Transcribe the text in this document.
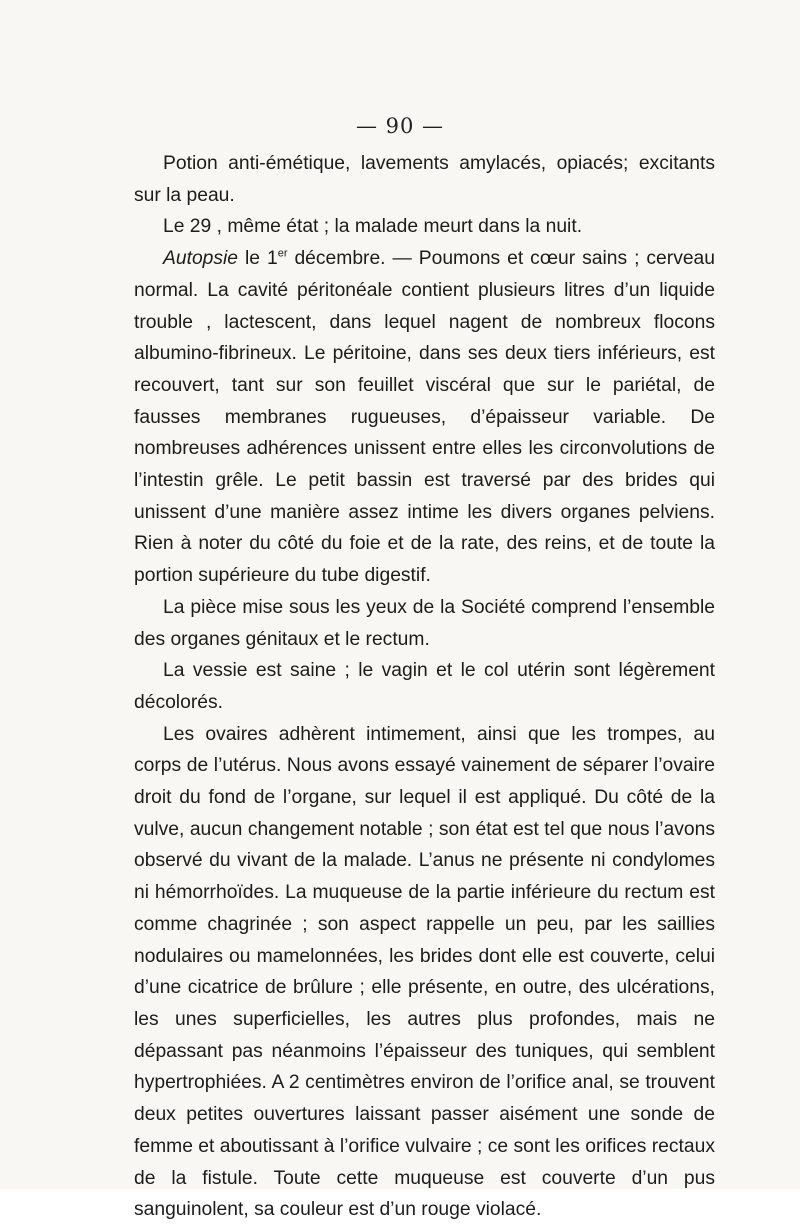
— 90 —

Potion anti-émétique, lavements amylacés, opiacés; excitants sur la peau.

Le 29 , même état ; la malade meurt dans la nuit.

Autopsie le 1er décembre. — Poumons et cœur sains ; cerveau normal. La cavité péritonéale contient plusieurs litres d’un liquide trouble , lactescent, dans lequel nagent de nombreux flocons albumino-fibrineux. Le péritoine, dans ses deux tiers inférieurs, est recouvert, tant sur son feuillet viscéral que sur le pariétal, de fausses membranes rugueuses, d’épaisseur variable. De nombreuses adhérences unissent entre elles les circonvolutions de l’intestin grêle. Le petit bassin est traversé par des brides qui unissent d’une manière assez intime les divers organes pelviens. Rien à noter du côté du foie et de la rate, des reins, et de toute la portion supérieure du tube digestif.

La pièce mise sous les yeux de la Société comprend l’ensemble des organes génitaux et le rectum.

La vessie est saine ; le vagin et le col utérin sont légèrement décolorés.

Les ovaires adhèrent intimement, ainsi que les trompes, au corps de l’utérus. Nous avons essayé vainement de séparer l’ovaire droit du fond de l’organe, sur lequel il est appliqué. Du côté de la vulve, aucun changement notable ; son état est tel que nous l’avons observé du vivant de la malade. L’anus ne présente ni condylomes ni hémorrhoïdes. La muqueuse de la partie inférieure du rectum est comme chagrinée ; son aspect rappelle un peu, par les saillies nodulaires ou mamelonnées, les brides dont elle est couverte, celui d’une cicatrice de brûlure ; elle présente, en outre, des ulcérations, les unes superficielles, les autres plus profondes, mais ne dépassant pas néanmoins l’épaisseur des tuniques, qui semblent hypertrophiées. A 2 centimètres environ de l’orifice anal, se trouvent deux petites ouvertures laissant passer aisément une sonde de femme et aboutissant à l’orifice vulvaire ; ce sont les orifices rectaux de la fistule. Toute cette muqueuse est couverte d’un pus sanguinolent, sa couleur est d’un rouge violacé.
